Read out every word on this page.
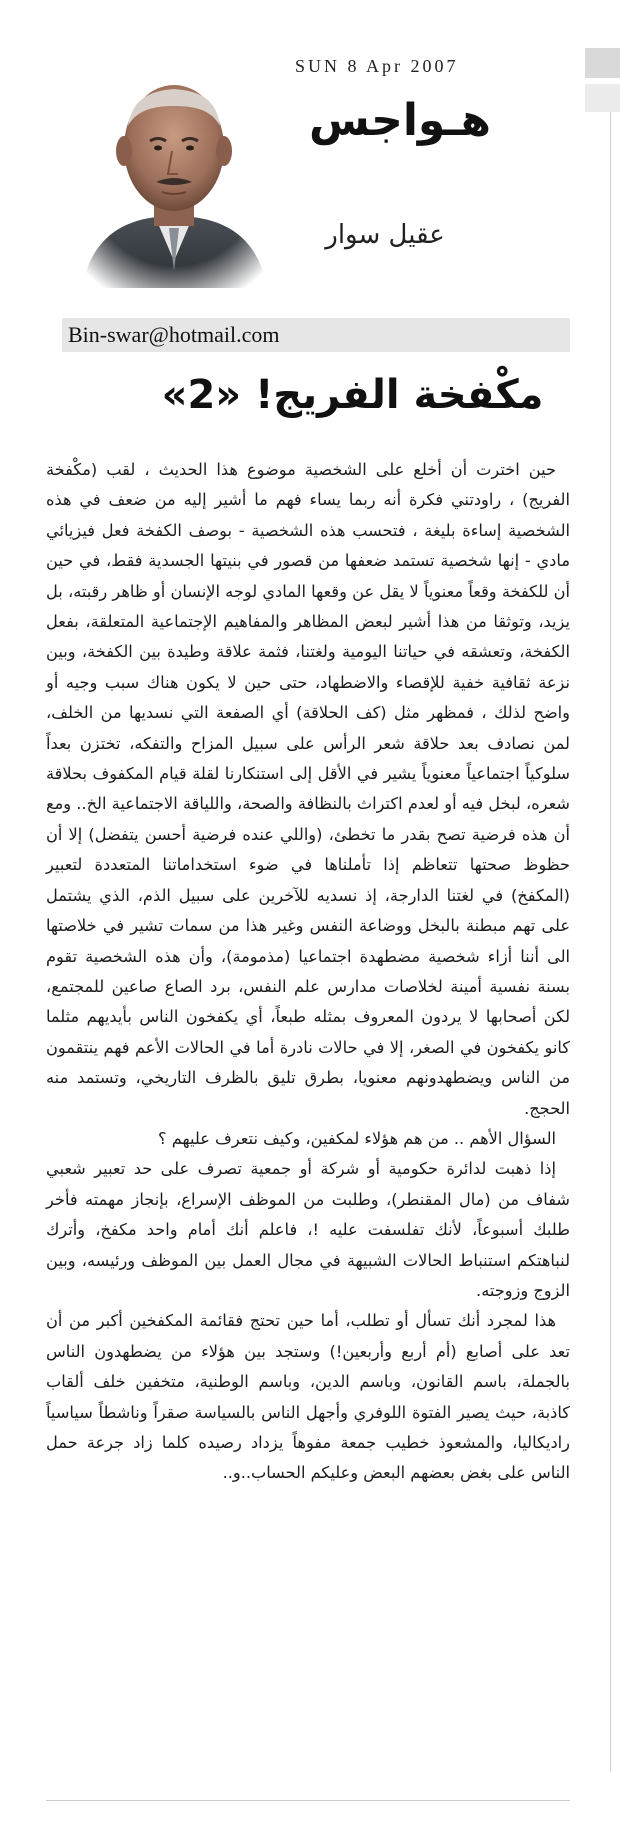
SUN 8 Apr 2007
هـواجس
عقيل سوار
Bin-swar@hotmail.com
مكْفخة الفريج! «2»

حين اخترت أن أخلع على الشخصية موضوع هذا الحديث ، لقب (مكْفخة الفريج) ، راودتني فكرة أنه ربما يساء فهم ما أشير إليه من ضعف في هذه الشخصية إساءة بليغة ، فتحسب هذه الشخصية - بوصف الكفخة فعل فيزيائي مادي - إنها شخصية تستمد ضعفها من قصور في بنيتها الجسدية فقط، في حين أن للكفخة وقعاً معنوياً لا يقل عن وقعها المادي لوجه الإنسان أو ظاهر رقبته، بل يزيد، وتوثقا من هذا أشير لبعض المظاهر والمفاهيم الإجتماعية المتعلقة، بفعل الكفخة، وتعشقه في حياتنا اليومية ولغتنا، فثمة علاقة وطيدة بين الكفخة، وبين نزعة ثقافية خفية للإقصاء والاضطهاد، حتى حين لا يكون هناك سبب وجيه أو واضح لذلك ، فمظهر مثل (كف الحلاقة) أي الصفعة التي نسديها من الخلف، لمن نصادف بعد حلاقة شعر الرأس على سبيل المزاح والتفكه، تختزن بعداً سلوكياً اجتماعياً معنوياً يشير في الأقل إلى استنكارنا لقلة قيام المكفوف بحلاقة شعره، لبخل فيه أو لعدم اكتراث بالنظافة والصحة، واللياقة الاجتماعية الخ.. ومع أن هذه فرضية تصح بقدر ما تخطئ، (واللي عنده فرضية أحسن يتفضل) إلا أن حظوظ صحتها تتعاظم إذا تأملناها في ضوء استخداماتنا المتعددة لتعبير (المكفخ) في لغتنا الدارجة، إذ نسديه للآخرين على سبيل الذم، الذي يشتمل على تهم مبطنة بالبخل ووضاعة النفس وغير هذا من سمات تشير في خلاصتها الى أننا أزاء شخصية مضطهدة اجتماعيا (مذمومة)، وأن هذه الشخصية تقوم بسنة نفسية أمينة لخلاصات مدارس علم النفس، برد الصاع صاعين للمجتمع، لكن أصحابها لا يردون المعروف بمثله طبعاً، أي يكفخون الناس بأيديهم مثلما كانو يكفخون في الصغر، إلا في حالات نادرة أما في الحالات الأعم فهم ينتقمون من الناس ويضطهدونهم معنويا، بطرق تليق بالظرف التاريخي، وتستمد منه الحجج.

السؤال الأهم .. من هم هؤلاء لمكفين، وكيف نتعرف عليهم ؟

إذا ذهبت لدائرة حكومية أو شركة أو جمعية تصرف على حد تعبير شعبي شفاف من (مال المقنطر)، وطلبت من الموظف الإسراع، بإنجاز مهمته فأخر طلبك أسبوعاً، لأنك تفلسفت عليه !، فاعلم أنك أمام واحد مكفخ، وأترك لنباهتكم استنباط الحالات الشبيهة في مجال العمل بين الموظف ورئيسه، وبين الزوج وزوجته.

هذا لمجرد أنك تسأل أو تطلب، أما حين تحتج فقائمة المكفخين أكبر من أن تعد على أصابع (أم أربع وأربعين!) وستجد بين هؤلاء من يضطهدون الناس بالجملة، باسم القانون، وباسم الدين، وباسم الوطنية، متخفين خلف ألقاب كاذبة، حيث يصير الفتوة اللوفري وأجهل الناس بالسياسة صقراً وناشطاً سياسياً راديكاليا، والمشعوذ خطيب جمعة مفوهاً يزداد رصيده كلما زاد جرعة حمل الناس على بغض بعضهم البعض وعليكم الحساب..و..
